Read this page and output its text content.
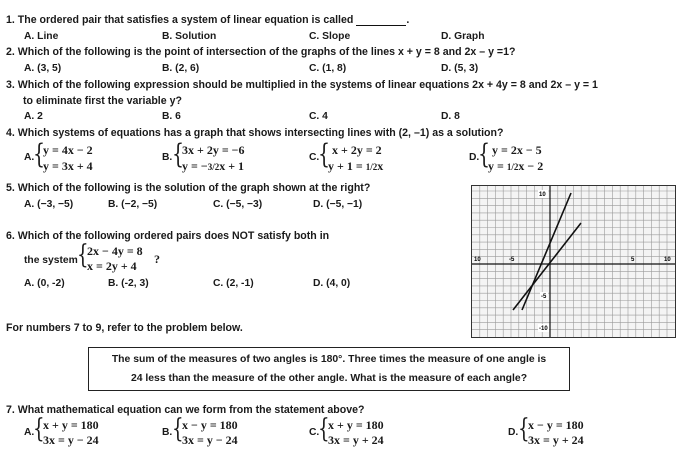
1. The ordered pair that satisfies a system of linear equation is called	.
A. Line	B. Solution	C. Slope	D. Graph
2. Which of the following is the point of intersection of the graphs of the lines x + y = 8 and 2x – y =1?
A. (3, 5)	B. (2, 6)	C. (1, 8)	D. (5, 3)
3. Which of the following expression should be multiplied in the systems of linear equations 2x + 4y = 8 and 2x – y = 1
to eliminate first the variable y?
A. 2	B. 6	C. 4	D. 8
4. Which systems of equations has a graph that shows intersecting lines with (2, –1) as a solution?
A.
{
y = 4x − 2
y = 3x + 4
B. {
3x + 2y = −6
y = −3/2x + 1
C.
{ x + 2y = 2
y + 1 = 1/2x
D.
{ y = 2x − 5
y = 1/2x − 2
5. Which of the following is the solution of the graph shown at the right?
A. (−3, −5)	B. (−2, −5)	C. (−5, −3)	D. (−5, −1)
6. Which of the following ordered pairs does NOT satisfy both in
the system {
2x − 4y = 8
x = 2y + 4 ?
A. (0, -2)	B. (-2, 3)	C. (2, -1)	D. (4, 0)
10
10	-5	5	10
-5
-10
For numbers 7 to 9, refer to the problem below.

The sum of the measures of two angles is 180°. Three times the measure of one angle is

24 less than the measure of the other angle. What is the measure of each angle?

7. What mathematical equation can we form from the statement above?
A.
{
x + y = 180
3x = y − 24
B. {
x − y = 180
3x = y − 24
C.
{
x + y = 180
3x = y + 24
D. {
x − y = 180
3x = y + 24
